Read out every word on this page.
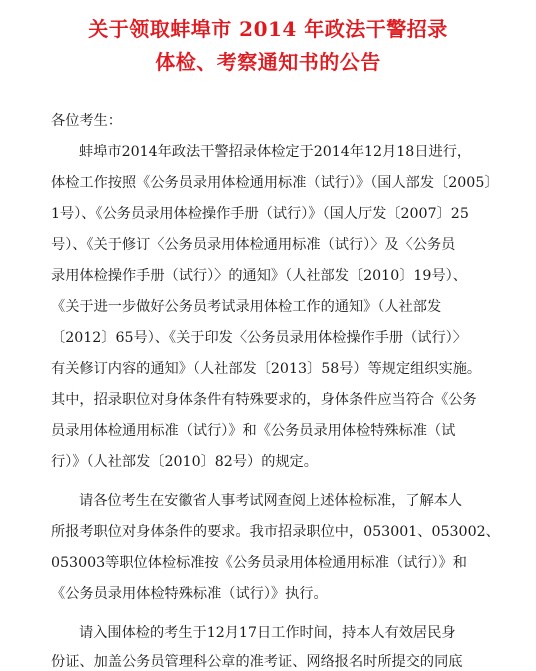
关于领取蚌埠市 2014 年政法干警招录
体检、考察通知书的公告
各位考生：
蚌埠市2014年政法干警招录体检定于2014年12月18日进行，
体检工作按照《公务员录用体检通用标准（试行）》（国人部发〔2005〕
1号）、《公务员录用体检操作手册（试行）》（国人厅发〔2007〕25
号）、《关于修订〈公务员录用体检通用标准（试行）〉及〈公务员
录用体检操作手册（试行）〉的通知》（人社部发〔2010〕19号）、
《关于进一步做好公务员考试录用体检工作的通知》（人社部发
〔2012〕65号）、《关于印发〈公务员录用体检操作手册（试行）〉
有关修订内容的通知》（人社部发〔2013〕58号）等规定组织实施。
其中，招录职位对身体条件有特殊要求的，身体条件应当符合《公务
员录用体检通用标准（试行）》和《公务员录用体检特殊标准（试
行）》（人社部发〔2010〕82号）的规定。
请各位考生在安徽省人事考试网查阅上述体检标准，了解本人
所报考职位对身体条件的要求。我市招录职位中，053001、053002、
053003等职位体检标准按《公务员录用体检通用标准（试行）》和
《公务员录用体检特殊标准（试行）》执行。
请入围体检的考生于12月17日工作时间，持本人有效居民身
份证、加盖公务员管理科公章的准考证、网络报名时所提交的同底
